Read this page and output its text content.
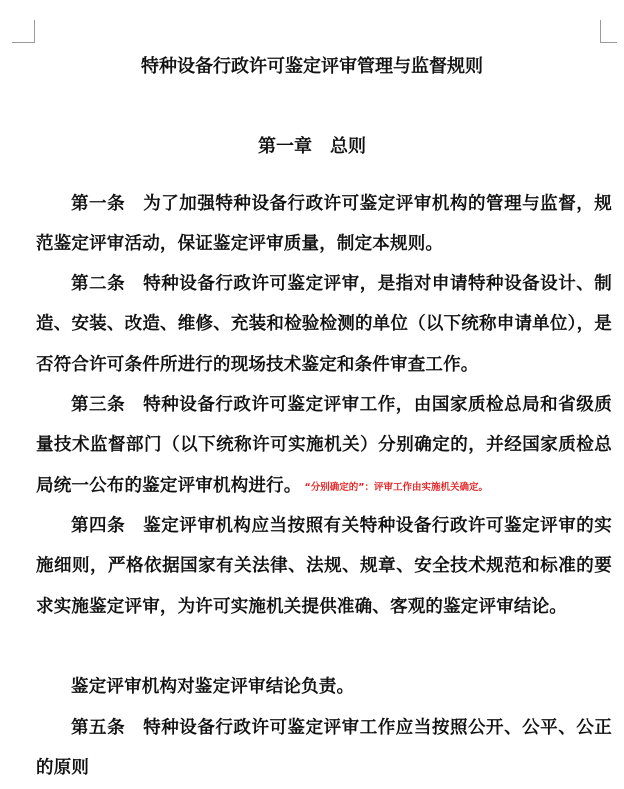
特种设备行政许可鉴定评审管理与监督规则
第一章　总则

第一条　 为了加强特种设备行政许可鉴定评审机构的管理与监督，规范鉴定评审活动，保证鉴定评审质量，制定本规则。

第二条　 特种设备行政许可鉴定评审，是指对申请特种设备设计、制造、安装、改造、维修、充装和检验检测的单位（以下统称申请单位），是否符合许可条件所进行的现场技术鉴定和条件审查工作。

第三条　 特种设备行政许可鉴定评审工作，由国家质检总局和省级质量技术监督部门（以下统称许可实施机关）分别确定的，并经国家质检总局统一公布的鉴定评审机构进行。 “分别确定的”：评审工作由实施机关确定。

第四条　 鉴定评审机构应当按照有关特种设备行政许可鉴定评审的实施细则，严格依据国家有关法律、法规、规章、安全技术规范和标准的要求实施鉴定评审，为许可实施机关提供准确、客观的鉴定评审结论。

鉴定评审机构对鉴定评审结论负责。

第五条　 特种设备行政许可鉴定评审工作应当按照公开、公平、公正的原则
